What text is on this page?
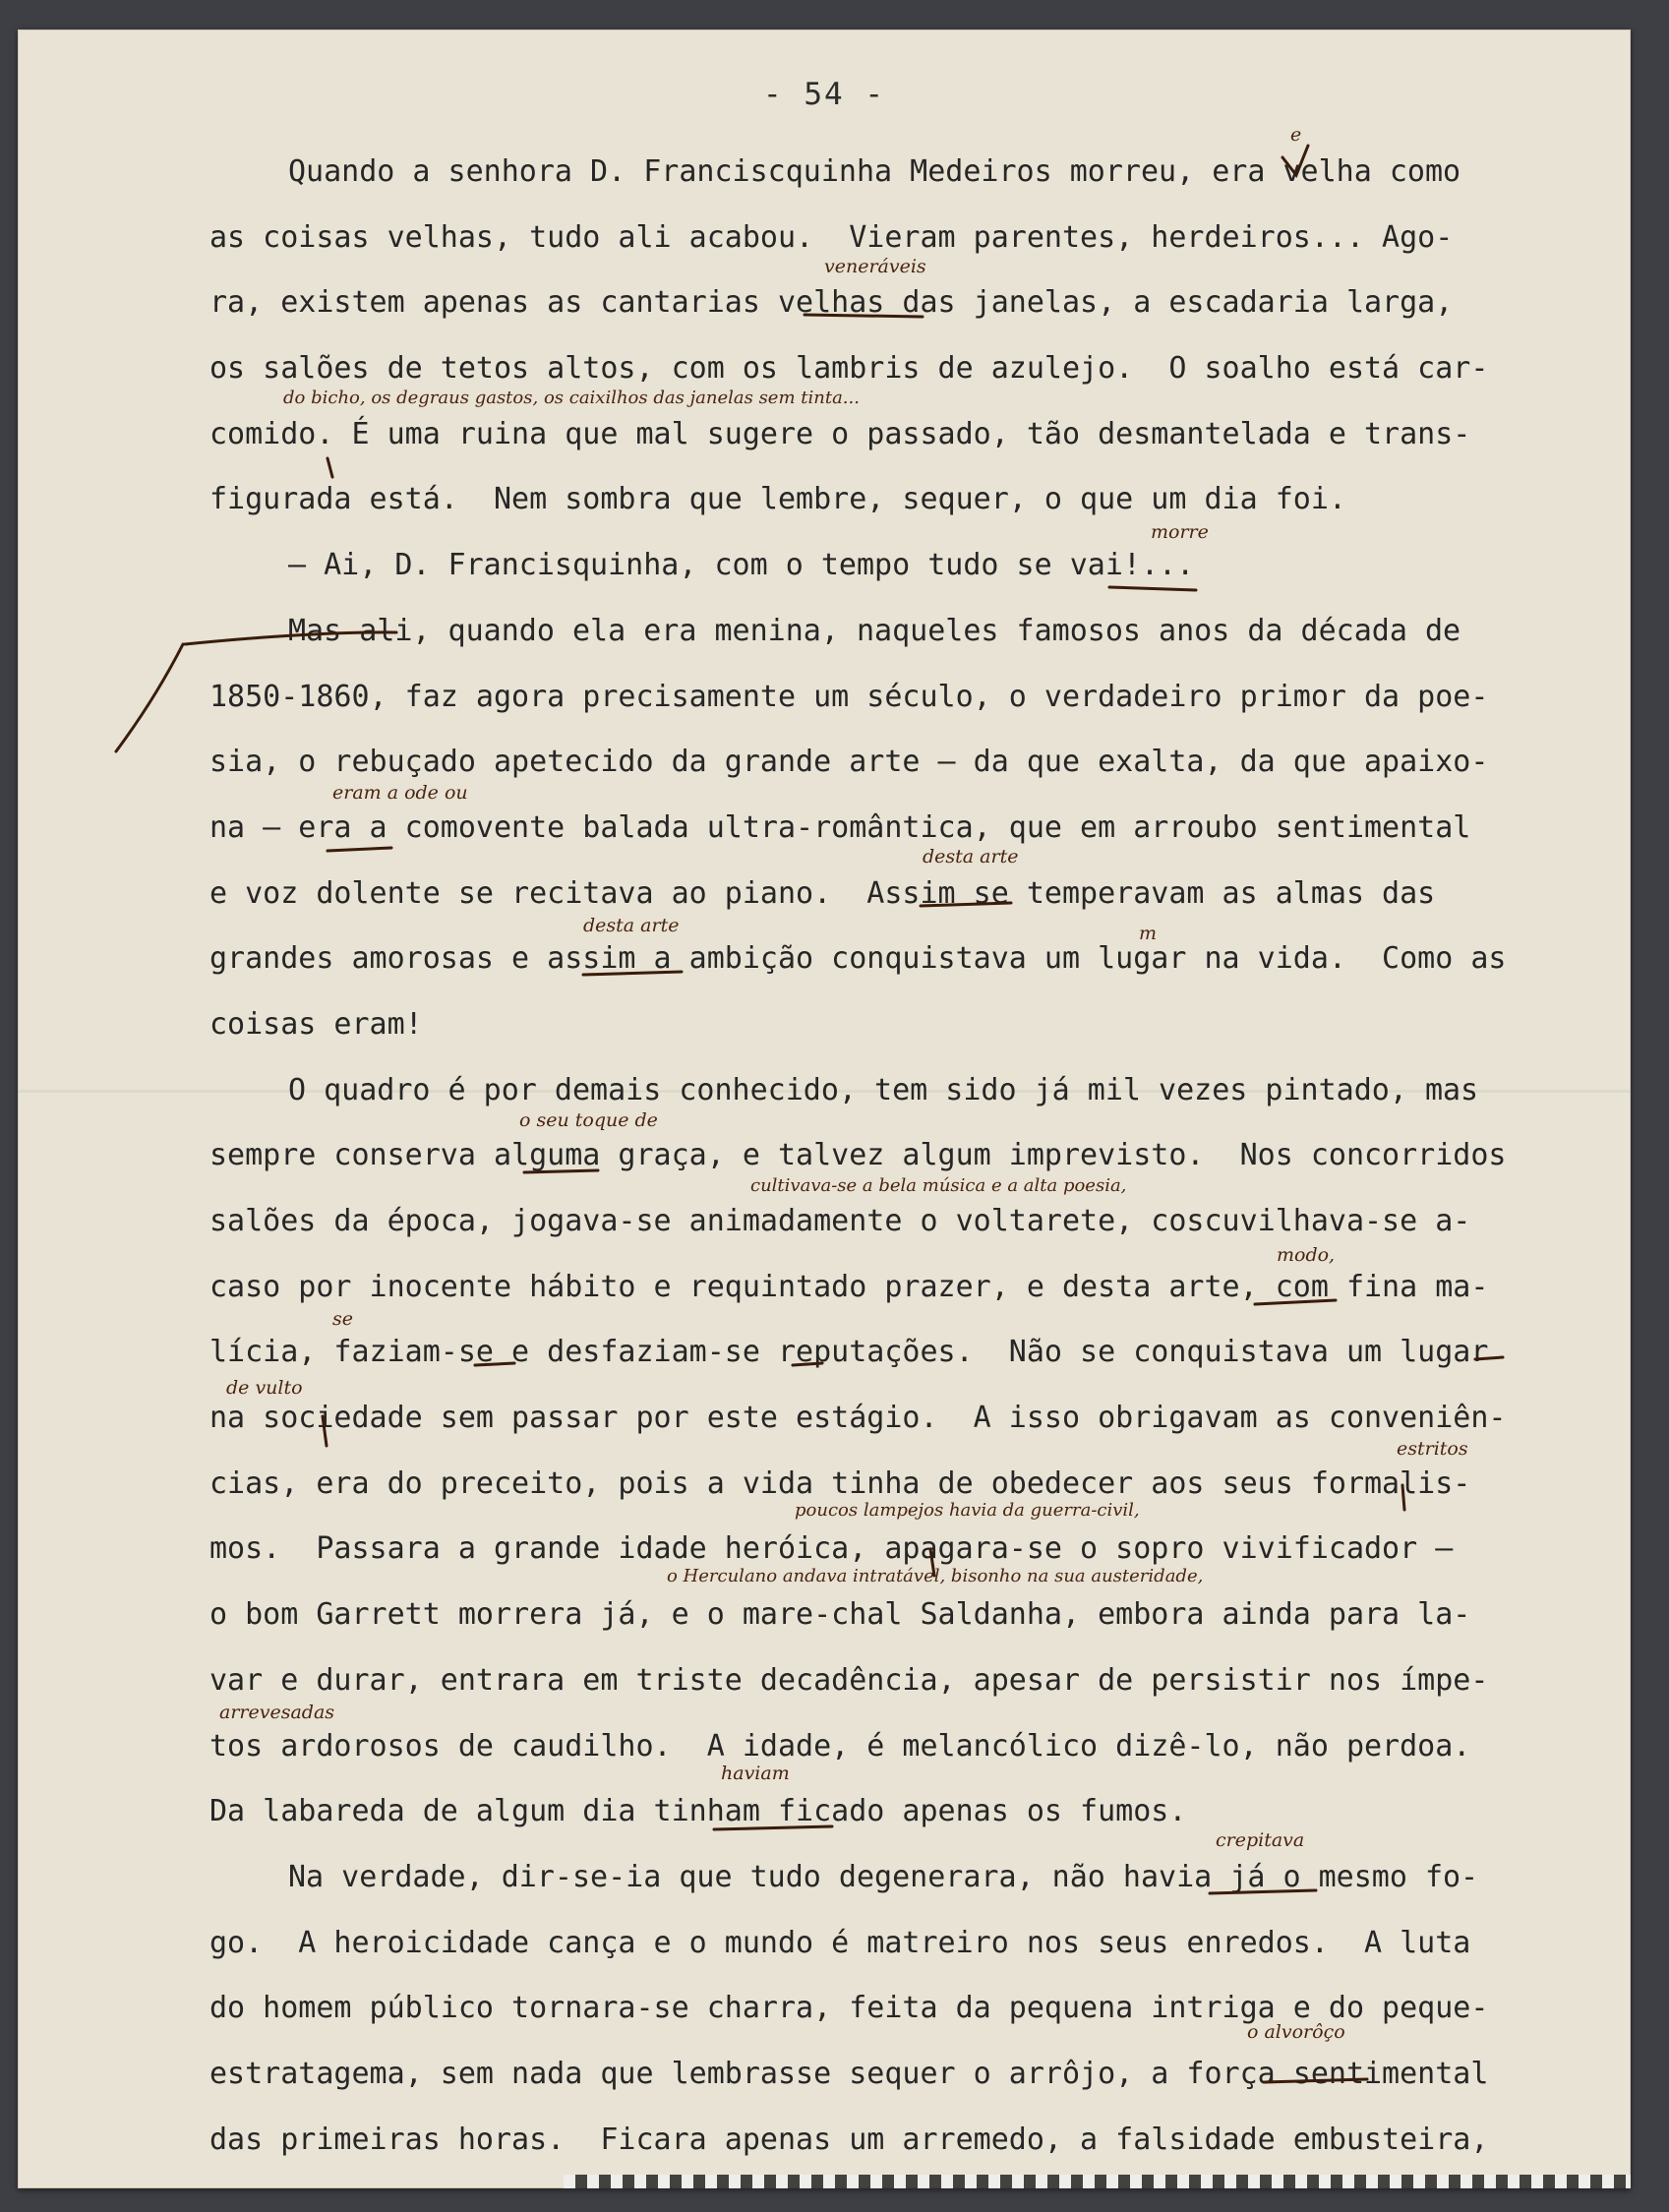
- 54 -
Quando a senhora D. Franciscquinha Medeiros morreu, era velha como
as coisas velhas, tudo ali acabou.  Vieram parentes, herdeiros... Ago-
ra, existem apenas as cantarias velhas das janelas, a escadaria larga,
os salões de tetos altos, com os lambris de azulejo.  O soalho está car-
comido. É uma ruina que mal sugere o passado, tão desmantelada e trans-
figurada está.  Nem sombra que lembre, sequer, o que um dia foi.
— Ai, D. Francisquinha, com o tempo tudo se vai!...
Mas ali, quando ela era menina, naqueles famosos anos da década de
1850-1860, faz agora precisamente um século, o verdadeiro primor da poe-
sia, o rebuçado apetecido da grande arte — da que exalta, da que apaixo-
na — era a comovente balada ultra-romântica, que em arroubo sentimental
e voz dolente se recitava ao piano.  Assim se temperavam as almas das
grandes amorosas e assim a ambição conquistava um lugar na vida.  Como as
coisas eram!
O quadro é por demais conhecido, tem sido já mil vezes pintado, mas
sempre conserva alguma graça, e talvez algum imprevisto.  Nos concorridos
salões da época, jogava-se animadamente o voltarete, coscuvilhava-se a-
caso por inocente hábito e requintado prazer, e desta arte, com fina ma-
lícia, faziam-se e desfaziam-se reputações.  Não se conquistava um lugar
na sociedade sem passar por este estágio.  A isso obrigavam as conveniên-
cias, era do preceito, pois a vida tinha de obedecer aos seus formalis-
mos.  Passara a grande idade heróica, apagara-se o sopro vivificador —
o bom Garrett morrera já, e o mare-chal Saldanha, embora ainda para la-
var e durar, entrara em triste decadência, apesar de persistir nos ímpe-
tos ardorosos de caudilho.  A idade, é melancólico dizê-lo, não perdoa.
Da labareda de algum dia tinham ficado apenas os fumos.
Na verdade, dir-se-ia que tudo degenerara, não havia já o mesmo fo-
go.  A heroicidade cança e o mundo é matreiro nos seus enredos.  A luta
do homem público tornara-se charra, feita da pequena intriga e do peque-
estratagema, sem nada que lembrasse sequer o arrôjo, a força sentimental
das primeiras horas.  Ficara apenas um arremedo, a falsidade embusteira,
e
veneráveis
do bicho, os degraus gastos, os caixilhos das janelas sem tinta...
morre
eram a ode ou
desta arte
desta arte	m
o seu toque de
cultivava-se a bela música e a alta poesia,
modo,
se
de vulto
estritos
poucos lampejos havia da guerra-civil,
o Herculano andava intratável, bisonho na sua austeridade,
arrevesadas
haviam
crepitava
o alvorôço
